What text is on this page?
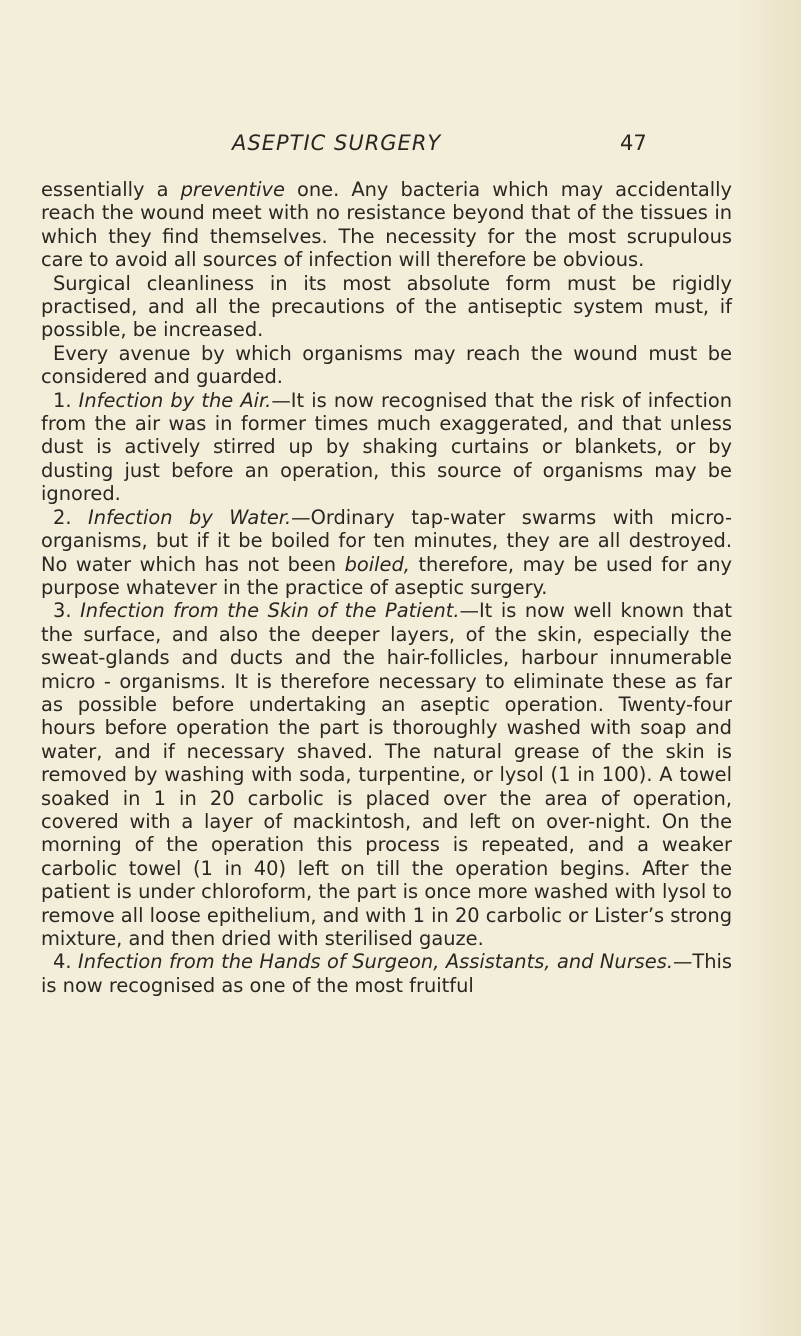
ASEPTIC SURGERY	47

essentially a preventive one. Any bacteria which may accidentally reach the wound meet with no resistance beyond that of the tissues in which they find themselves. The necessity for the most scrupulous care to avoid all sources of infection will therefore be obvious.

Surgical cleanliness in its most absolute form must be rigidly practised, and all the precautions of the antiseptic system must, if possible, be increased.

Every avenue by which organisms may reach the wound must be considered and guarded.

1. Infection by the Air.—It is now recognised that the risk of infection from the air was in former times much exaggerated, and that unless dust is actively stirred up by shaking curtains or blankets, or by dusting just before an operation, this source of organisms may be ignored.

2. Infection by Water.—Ordinary tap-water swarms with micro-organisms, but if it be boiled for ten minutes, they are all destroyed. No water which has not been boiled, therefore, may be used for any purpose whatever in the practice of aseptic surgery.

3. Infection from the Skin of the Patient.—It is now well known that the surface, and also the deeper layers, of the skin, especially the sweat-glands and ducts and the hair-follicles, harbour innumerable micro - organisms. It is therefore necessary to eliminate these as far as possible before undertaking an aseptic operation. Twenty-four hours before operation the part is thoroughly washed with soap and water, and if necessary shaved. The natural grease of the skin is removed by washing with soda, turpentine, or lysol (1 in 100). A towel soaked in 1 in 20 carbolic is placed over the area of operation, covered with a layer of mackintosh, and left on over-night. On the morning of the operation this process is repeated, and a weaker carbolic towel (1 in 40) left on till the operation begins. After the patient is under chloroform, the part is once more washed with lysol to remove all loose epithelium, and with 1 in 20 carbolic or Lister’s strong mixture, and then dried with sterilised gauze.

4. Infection from the Hands of Surgeon, Assistants, and Nurses.—This is now recognised as one of the most fruitful
